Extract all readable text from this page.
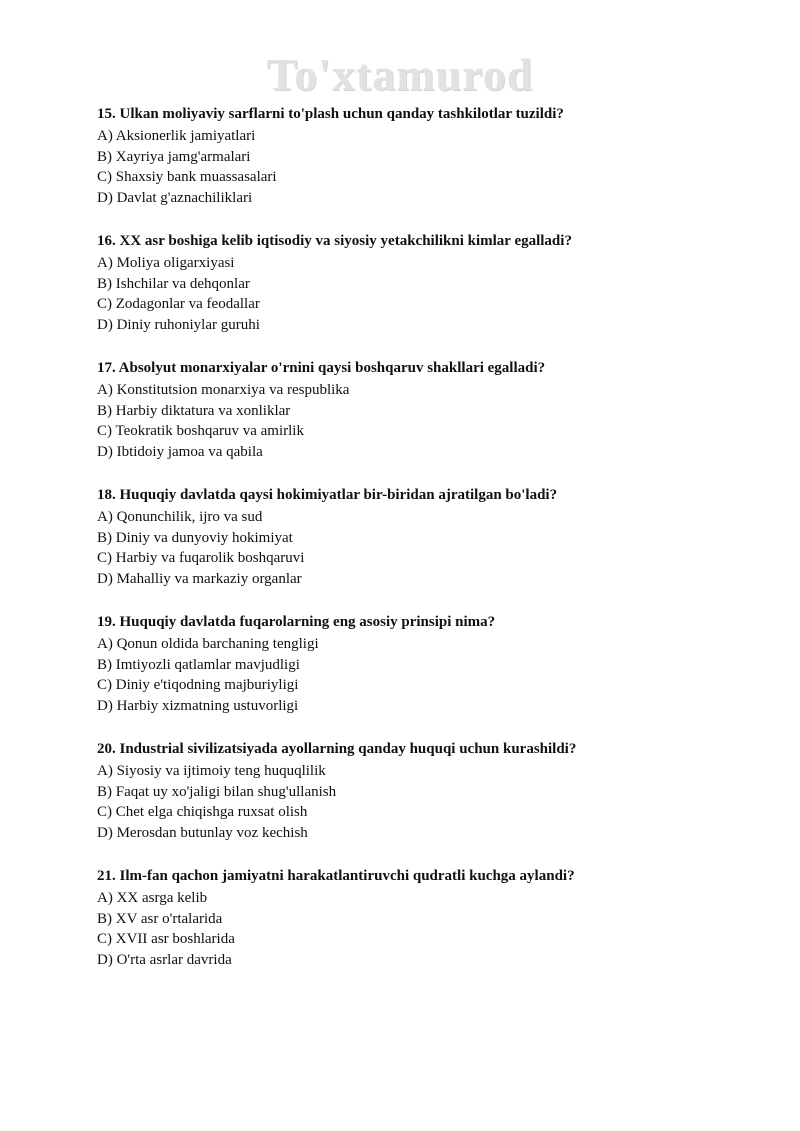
To'xtamurod
15. Ulkan moliyaviy sarflarni to'plash uchun qanday tashkilotlar tuzildi?
A) Aksionerlik jamiyatlari
B) Xayriya jamg'armalari
C) Shaxsiy bank muassasalari
D) Davlat g'aznachiliklari
16. XX asr boshiga kelib iqtisodiy va siyosiy yetakchilikni kimlar egalladi?
A) Moliya oligarxiyasi
B) Ishchilar va dehqonlar
C) Zodagonlar va feodallar
D) Diniy ruhoniylar guruhi
17. Absolyut monarxiyalar o'rnini qaysi boshqaruv shakllari egalladi?
A) Konstitutsion monarxiya va respublika
B) Harbiy diktatura va xonliklar
C) Teokratik boshqaruv va amirlik
D) Ibtidoiy jamoa va qabila
18. Huquqiy davlatda qaysi hokimiyatlar bir-biridan ajratilgan bo'ladi?
A) Qonunchilik, ijro va sud
B) Diniy va dunyoviy hokimiyat
C) Harbiy va fuqarolik boshqaruvi
D) Mahalliy va markaziy organlar
19. Huquqiy davlatda fuqarolarning eng asosiy prinsipi nima?
A) Qonun oldida barchaning tengligi
B) Imtiyozli qatlamlar mavjudligi
C) Diniy e'tiqodning majburiyligi
D) Harbiy xizmatning ustuvorligi
20. Industrial sivilizatsiyada ayollarning qanday huquqi uchun kurashildi?
A) Siyosiy va ijtimoiy teng huquqlilik
B) Faqat uy xo'jaligi bilan shug'ullanish
C) Chet elga chiqishga ruxsat olish
D) Merosdan butunlay voz kechish
21. Ilm-fan qachon jamiyatni harakatlantiruvchi qudratli kuchga aylandi?
A) XX asrga kelib
B) XV asr o'rtalarida
C) XVII asr boshlarida
D) O'rta asrlar davrida
